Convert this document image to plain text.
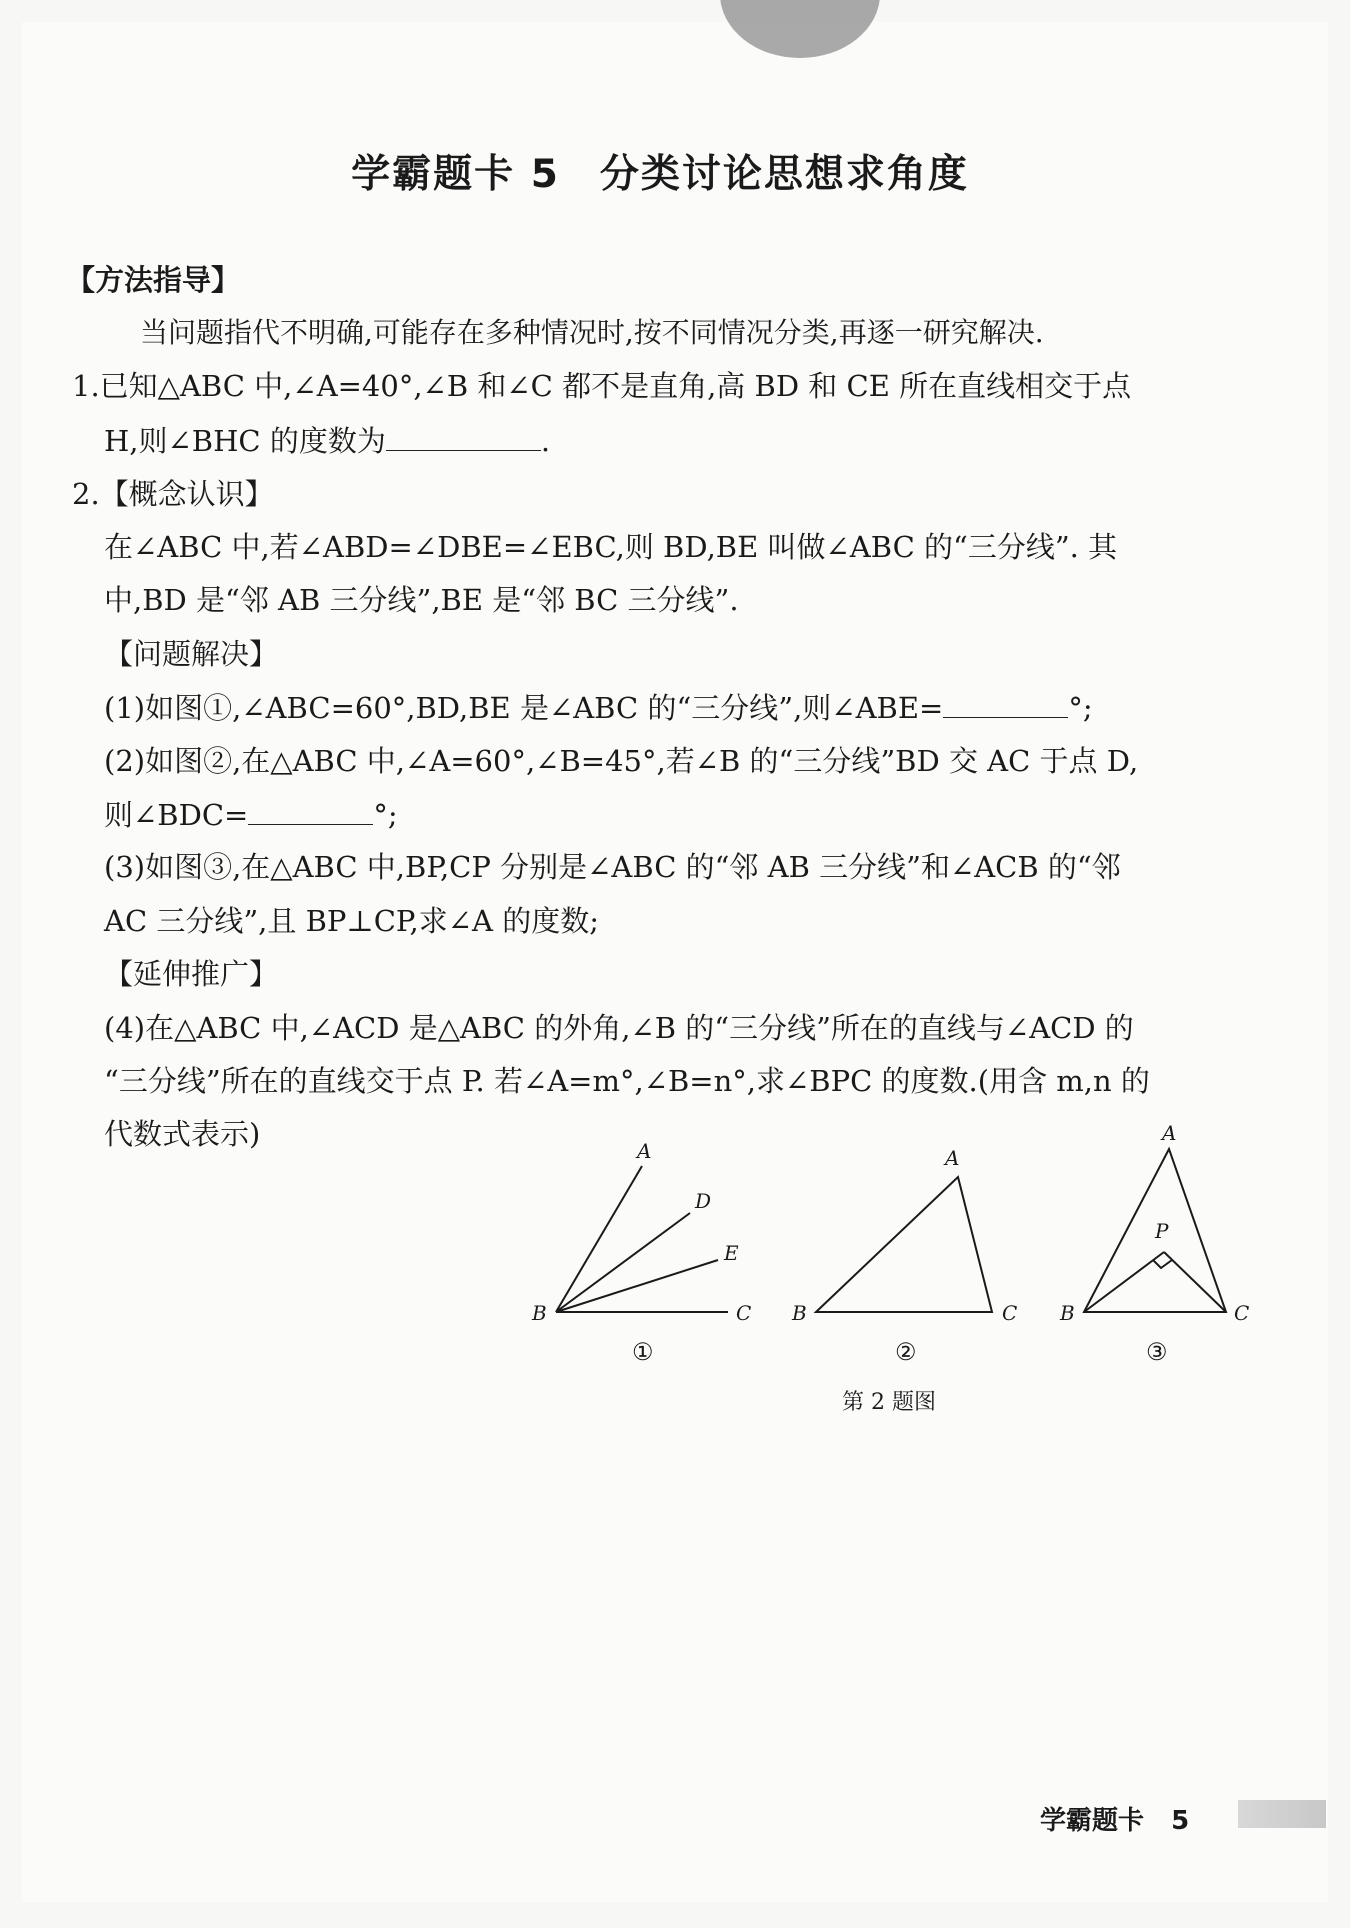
学霸题卡 5 分类讨论思想求角度
【方法指导】
当问题指代不明确,可能存在多种情况时,按不同情况分类,再逐一研究解决.
1.已知△ABC 中,∠A=40°,∠B 和∠C 都不是直角,高 BD 和 CE 所在直线相交于点
H,则∠BHC 的度数为	.
2.【概念认识】
在∠ABC 中,若∠ABD=∠DBE=∠EBC,则 BD,BE 叫做∠ABC 的“三分线”. 其
中,BD 是“邻 AB 三分线”,BE 是“邻 BC 三分线”.
【问题解决】
(1)如图①,∠ABC=60°,BD,BE 是∠ABC 的“三分线”,则∠ABE=	°;
(2)如图②,在△ABC 中,∠A=60°,∠B=45°,若∠B 的“三分线”BD 交 AC 于点 D,
则∠BDC=	°;
(3)如图③,在△ABC 中,BP,CP 分别是∠ABC 的“邻 AB 三分线”和∠ACB 的“邻
AC 三分线”,且 BP⊥CP,求∠A 的度数;
【延伸推广】
(4)在△ABC 中,∠ACD 是△ABC 的外角,∠B 的“三分线”所在的直线与∠ACD 的
“三分线”所在的直线交于点 P. 若∠A=m°,∠B=n°,求∠BPC 的度数.(用含 m,n 的
代数式表示)	A
D
E
B	C
①
A
B	C
②
A
P
B	C
③
第 2 题图
学霸题卡 5
